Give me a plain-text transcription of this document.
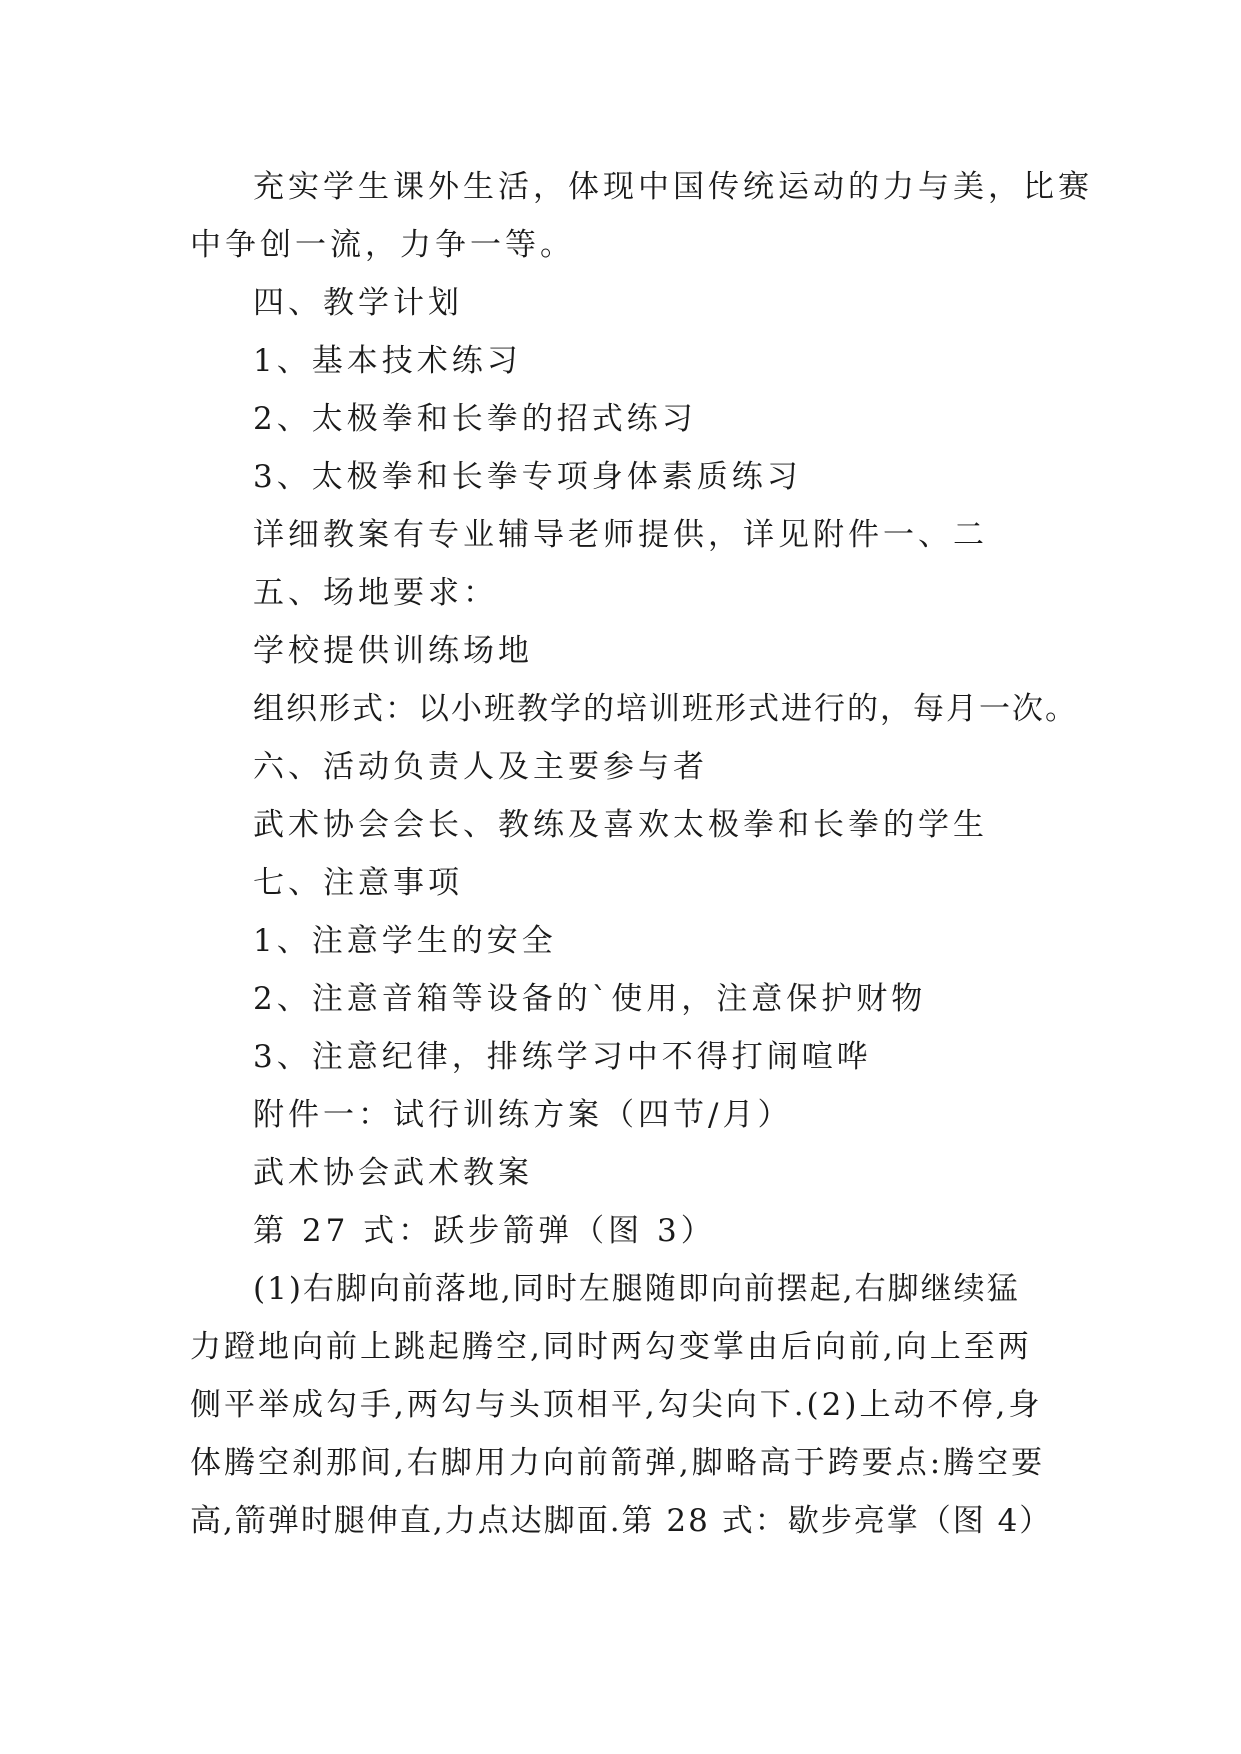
充实学生课外生活，体现中国传统运动的力与美，比赛
中争创一流，力争一等。
四、教学计划
1、基本技术练习
2、太极拳和长拳的招式练习
3、太极拳和长拳专项身体素质练习
详细教案有专业辅导老师提供，详见附件一、二
五、场地要求：
学校提供训练场地
组织形式：以小班教学的培训班形式进行的，每月一次。
六、活动负责人及主要参与者
武术协会会长、教练及喜欢太极拳和长拳的学生
七、注意事项
1、注意学生的安全
2、注意音箱等设备的`使用，注意保护财物
3、注意纪律，排练学习中不得打闹喧哗
附件一：试行训练方案（四节/月）
武术协会武术教案
第 27 式：跃步箭弹（图 3）
(1)右脚向前落地,同时左腿随即向前摆起,右脚继续猛
力蹬地向前上跳起腾空,同时两勾变掌由后向前,向上至两
侧平举成勾手,两勾与头顶相平,勾尖向下.(2)上动不停,身
体腾空刹那间,右脚用力向前箭弹,脚略高于跨要点:腾空要
高,箭弹时腿伸直,力点达脚面.第 28 式：歇步亮掌（图 4）
